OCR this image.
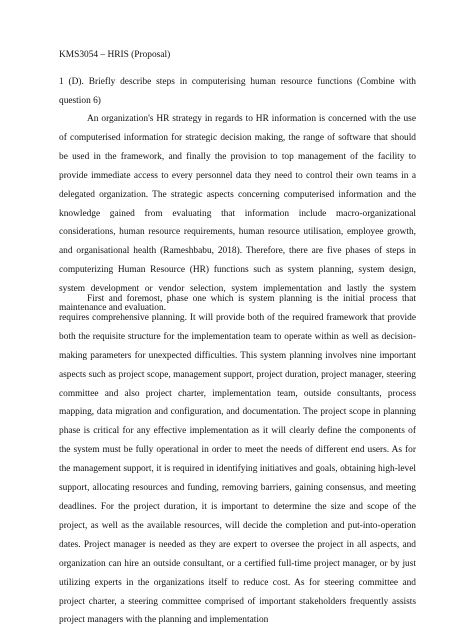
KMS3054 – HRIS (Proposal)
1 (D). Briefly describe steps in computerising human resource functions (Combine with question 6)

An organization's HR strategy in regards to HR information is concerned with the use of computerised information for strategic decision making, the range of software that should be used in the framework, and finally the provision to top management of the facility to provide immediate access to every personnel data they need to control their own teams in a delegated organization. The strategic aspects concerning computerised information and the knowledge gained from evaluating that information include macro-organizational considerations, human resource requirements, human resource utilisation, employee growth, and organisational health (Rameshbabu, 2018). Therefore, there are five phases of steps in computerizing Human Resource (HR) functions such as system planning, system design, system development or vendor selection, system implementation and lastly the system maintenance and evaluation.

First and foremost, phase one which is system planning is the initial process that requires comprehensive planning. It will provide both of the required framework that provide both the requisite structure for the implementation team to operate within as well as decision-making parameters for unexpected difficulties. This system planning involves nine important aspects such as project scope, management support, project duration, project manager, steering committee and also project charter, implementation team, outside consultants, process mapping, data migration and configuration, and documentation. The project scope in planning phase is critical for any effective implementation as it will clearly define the components of the system must be fully operational in order to meet the needs of different end users. As for the management support, it is required in identifying initiatives and goals, obtaining high-level support, allocating resources and funding, removing barriers, gaining consensus, and meeting deadlines. For the project duration, it is important to determine the size and scope of the project, as well as the available resources, will decide the completion and put-into-operation dates. Project manager is needed as they are expert to oversee the project in all aspects, and organization can hire an outside consultant, or a certified full-time project manager, or by just utilizing experts in the organizations itself to reduce cost. As for steering committee and project charter, a steering committee comprised of important stakeholders frequently assists project managers with the planning and implementation
